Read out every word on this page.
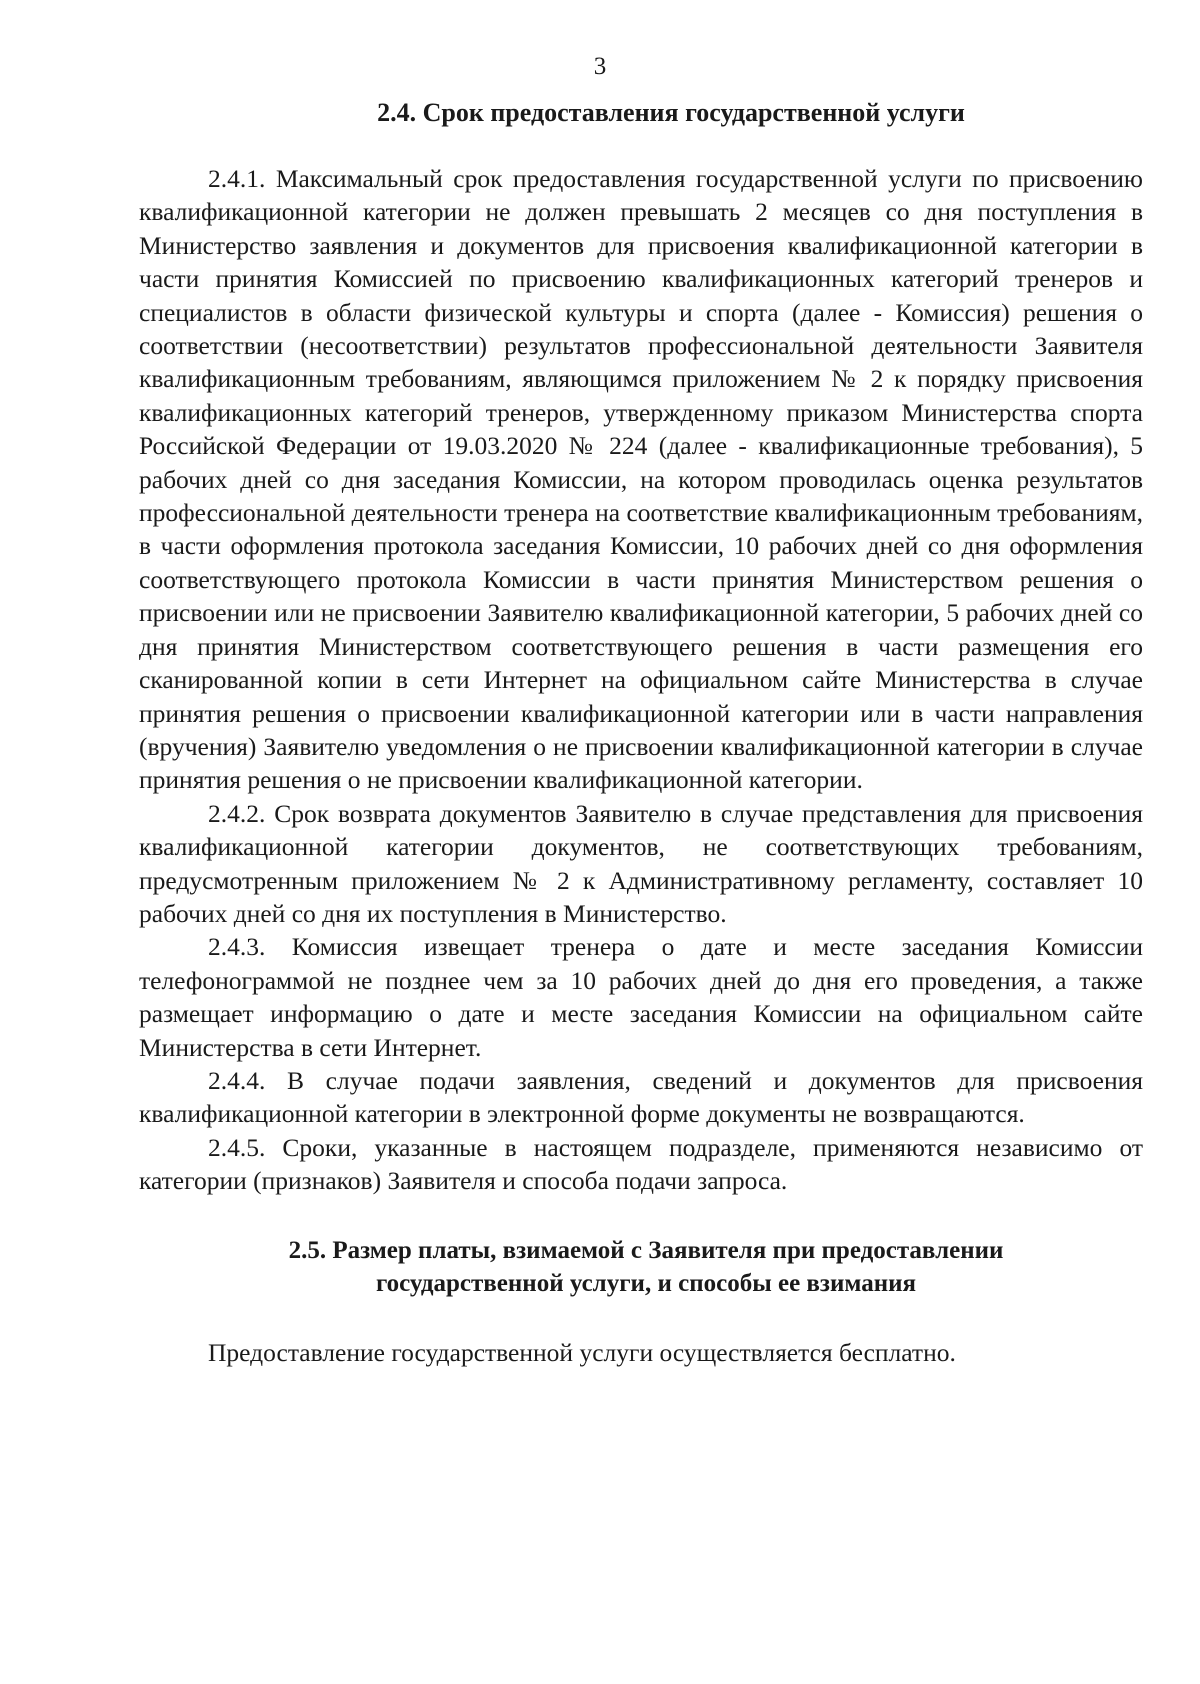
3
2.4. Срок предоставления государственной услуги

2.4.1. Максимальный срок предоставления государственной услуги по присвоению квалификационной категории не должен превышать 2 месяцев со дня поступления в Министерство заявления и документов для присвоения квалификационной категории в части принятия Комиссией по присвоению квалификационных категорий тренеров и специалистов в области физической культуры и спорта (далее - Комиссия) решения о соответствии (несоответствии) результатов профессиональной деятельности Заявителя квалификационным требованиям, являющимся приложением № 2 к порядку присвоения квалификационных категорий тренеров, утвержденному приказом Министерства спорта Российской Федерации от 19.03.2020 № 224 (далее - квалификационные требования), 5 рабочих дней со дня заседания Комиссии, на котором проводилась оценка результатов профессиональной деятельности тренера на соответствие квалификационным требованиям, в части оформления протокола заседания Комиссии, 10 рабочих дней со дня оформления соответствующего протокола Комиссии в части принятия Министерством решения о присвоении или не присвоении Заявителю квалификационной категории, 5 рабочих дней со дня принятия Министерством соответствующего решения в части размещения его сканированной копии в сети Интернет на официальном сайте Министерства в случае принятия решения о присвоении квалификационной категории или в части направления (вручения) Заявителю уведомления о не присвоении квалификационной категории в случае принятия решения о не присвоении квалификационной категории.

2.4.2. Срок возврата документов Заявителю в случае представления для присвоения квалификационной категории документов, не соответствующих требованиям, предусмотренным приложением № 2 к Административному регламенту, составляет 10 рабочих дней со дня их поступления в Министерство.

2.4.3. Комиссия извещает тренера о дате и месте заседания Комиссии телефонограммой не позднее чем за 10 рабочих дней до дня его проведения, а также размещает информацию о дате и месте заседания Комиссии на официальном сайте Министерства в сети Интернет.

2.4.4. В случае подачи заявления, сведений и документов для присвоения квалификационной категории в электронной форме документы не возвращаются.

2.4.5. Сроки, указанные в настоящем подразделе, применяются независимо от категории (признаков) Заявителя и способа подачи запроса.

2.5. Размер платы, взимаемой с Заявителя при предоставлении
государственной услуги, и способы ее взимания

Предоставление государственной услуги осуществляется бесплатно.
